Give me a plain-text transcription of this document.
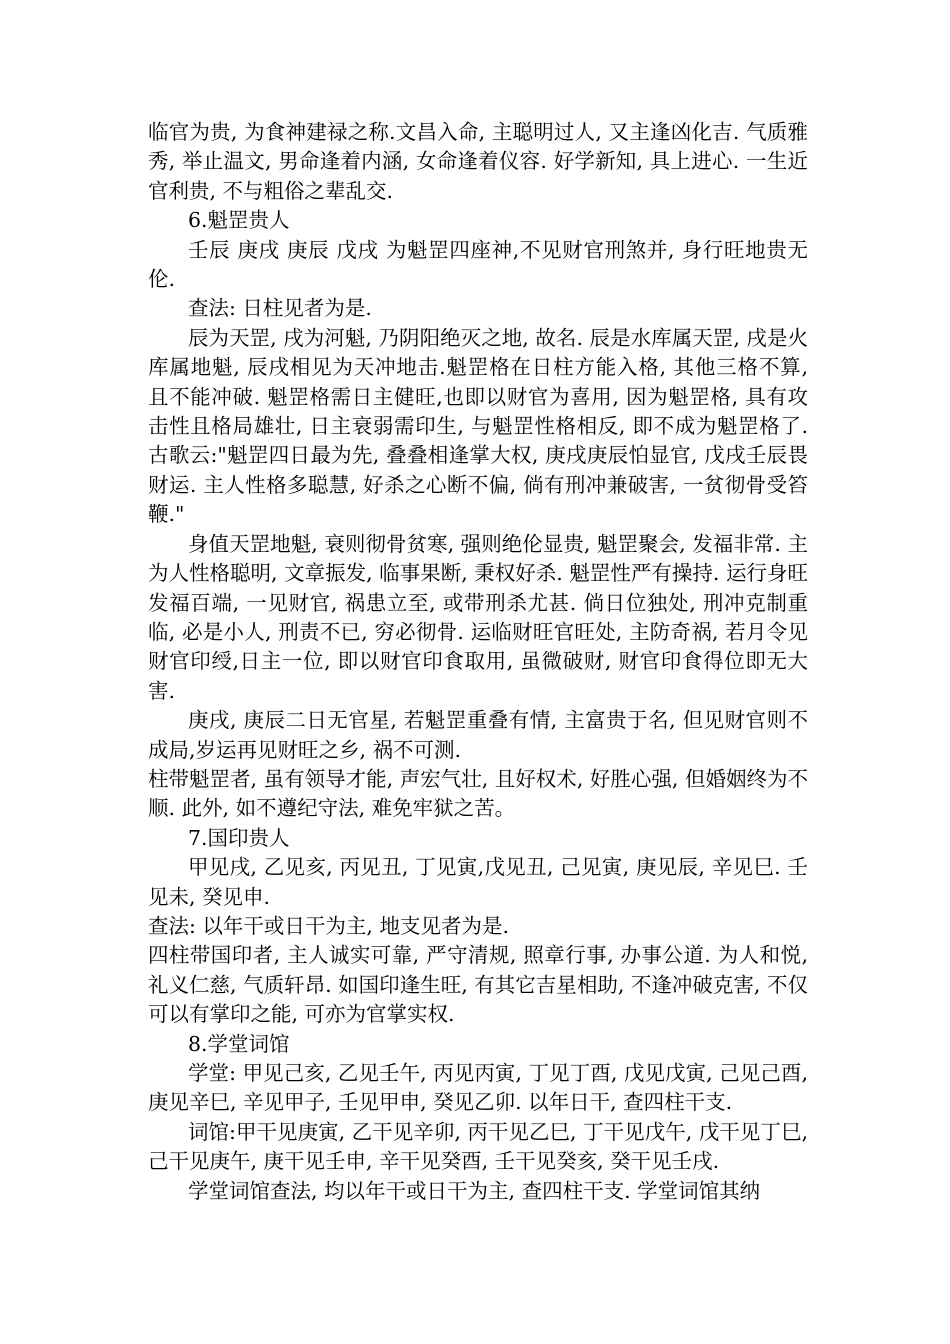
临官为贵, 为食神建禄之称.文昌入命, 主聪明过人, 又主逢凶化吉. 气质雅秀, 举止温文, 男命逢着内涵, 女命逢着仪容. 好学新知, 具上进心. 一生近官利贵, 不与粗俗之辈乱交.

6.魁罡贵人

壬辰 庚戌 庚辰 戊戌 为魁罡四座神,不见财官刑煞并, 身行旺地贵无伦.

查法: 日柱见者为是.

辰为天罡, 戌为河魁, 乃阴阳绝灭之地, 故名. 辰是水库属天罡, 戌是火库属地魁, 辰戌相见为天冲地击.魁罡格在日柱方能入格, 其他三格不算, 且不能冲破. 魁罡格需日主健旺,也即以财官为喜用, 因为魁罡格, 具有攻击性且格局雄壮, 日主衰弱需印生, 与魁罡性格相反, 即不成为魁罡格了.古歌云:"魁罡四日最为先, 叠叠相逢掌大权, 庚戌庚辰怕显官, 戊戌壬辰畏财运. 主人性格多聪慧, 好杀之心断不偏, 倘有刑冲兼破害, 一贫彻骨受笞鞭."

身值天罡地魁, 衰则彻骨贫寒, 强则绝伦显贵, 魁罡聚会, 发福非常. 主为人性格聪明, 文章振发, 临事果断, 秉权好杀. 魁罡性严有操持. 运行身旺发福百端, 一见财官, 祸患立至, 或带刑杀尤甚. 倘日位独处, 刑冲克制重临, 必是小人, 刑责不已, 穷必彻骨. 运临财旺官旺处, 主防奇祸, 若月令见财官印绶,日主一位, 即以财官印食取用, 虽微破财, 财官印食得位即无大害.

庚戌, 庚辰二日无官星, 若魁罡重叠有情, 主富贵于名, 但见财官则不成局,岁运再见财旺之乡, 祸不可测.

柱带魁罡者, 虽有领导才能, 声宏气壮, 且好权术, 好胜心强, 但婚姻终为不顺. 此外, 如不遵纪守法, 难免牢狱之苦。

7.国印贵人

甲见戌, 乙见亥, 丙见丑, 丁见寅,戊见丑, 己见寅, 庚见辰, 辛见巳. 壬见未, 癸见申.

查法: 以年干或日干为主, 地支见者为是.

四柱带国印者, 主人诚实可靠, 严守清规, 照章行事, 办事公道. 为人和悦,礼义仁慈, 气质轩昂. 如国印逢生旺, 有其它吉星相助, 不逢冲破克害, 不仅可以有掌印之能, 可亦为官掌实权.

8.学堂词馆

学堂: 甲见己亥, 乙见壬午, 丙见丙寅, 丁见丁酉, 戊见戊寅, 己见己酉, 庚见辛巳, 辛见甲子, 壬见甲申, 癸见乙卯. 以年日干, 查四柱干支.

词馆:甲干见庚寅, 乙干见辛卯, 丙干见乙巳, 丁干见戊午, 戊干见丁巳, 己干见庚午, 庚干见壬申, 辛干见癸酉, 壬干见癸亥, 癸干见壬戌.

学堂词馆查法, 均以年干或日干为主, 查四柱干支. 学堂词馆其纳
